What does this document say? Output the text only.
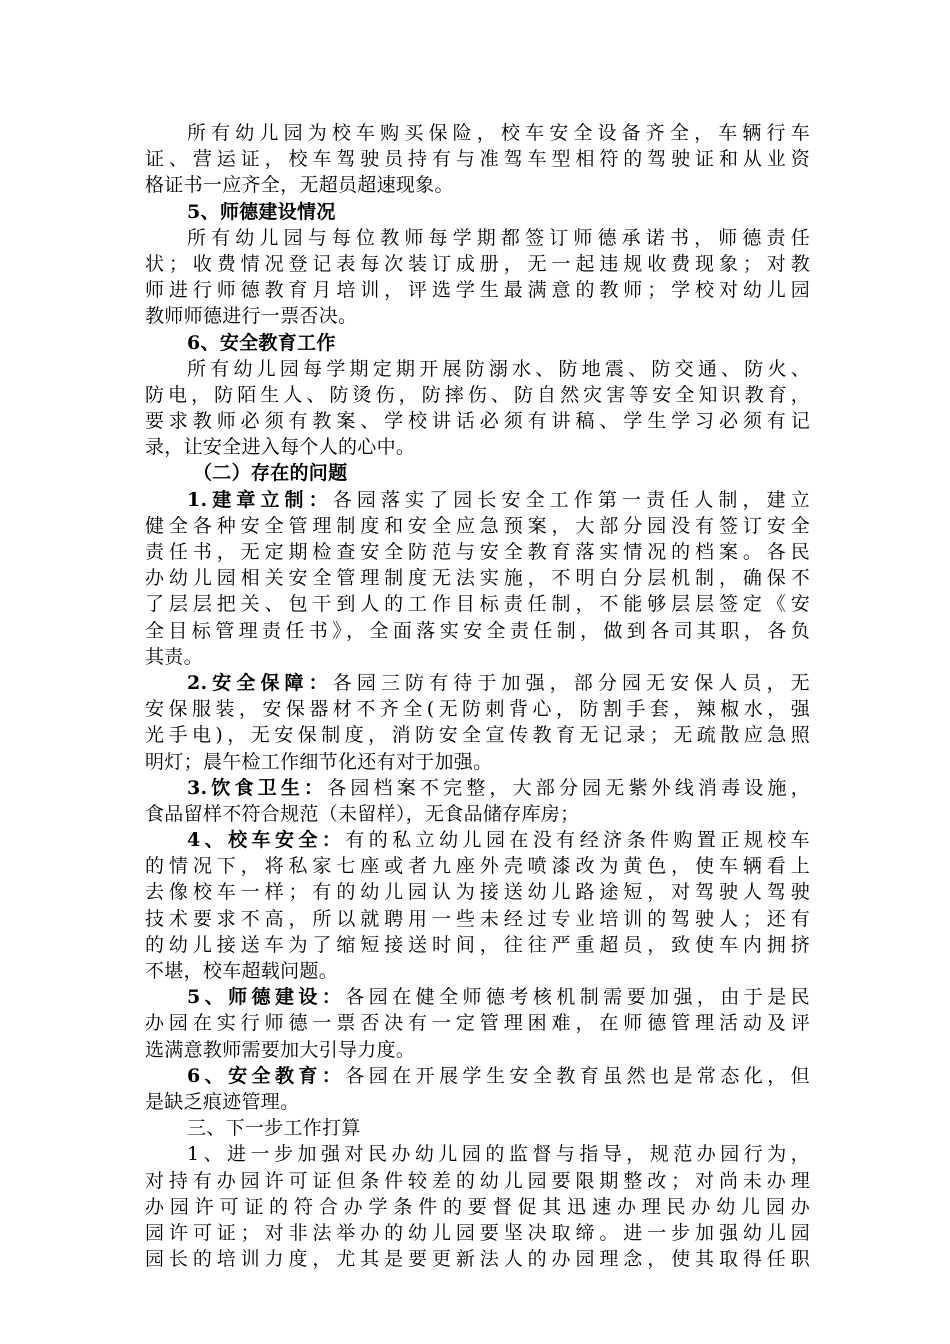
所有幼儿园为校车购买保险，校车安全设备齐全，车辆行车
证、营运证，校车驾驶员持有与准驾车型相符的驾驶证和从业资
格证书一应齐全，无超员超速现象。
5、师德建设情况
所有幼儿园与每位教师每学期都签订师德承诺书，师德责任
状；收费情况登记表每次装订成册，无一起违规收费现象；对教
师进行师德教育月培训，评选学生最满意的教师；学校对幼儿园
教师师德进行一票否决。
6、安全教育工作
所有幼儿园每学期定期开展防溺水、防地震、防交通、防火、
防电，防陌生人、防烫伤，防摔伤、防自然灾害等安全知识教育，
要求教师必须有教案、学校讲话必须有讲稿、学生学习必须有记
录，让安全进入每个人的心中。
（二）存在的问题
1.建章立制：各园落实了园长安全工作第一责任人制，建立
健全各种安全管理制度和安全应急预案，大部分园没有签订安全
责任书，无定期检查安全防范与安全教育落实情况的档案。各民
办幼儿园相关安全管理制度无法实施，不明白分层机制，确保不
了层层把关、包干到人的工作目标责任制，不能够层层签定《安
全目标管理责任书》，全面落实安全责任制，做到各司其职，各负
其责。
2.安全保障：各园三防有待于加强，部分园无安保人员，无
安保服装，安保器材不齐全(无防刺背心，防割手套，辣椒水，强
光手电)，无安保制度，消防安全宣传教育无记录；无疏散应急照
明灯；晨午检工作细节化还有对于加强。
3.饮食卫生：各园档案不完整，大部分园无紫外线消毒设施，
食品留样不符合规范（未留样），无食品储存库房；
4、校车安全：有的私立幼儿园在没有经济条件购置正规校车
的情况下，将私家七座或者九座外壳喷漆改为黄色，使车辆看上
去像校车一样；有的幼儿园认为接送幼儿路途短，对驾驶人驾驶
技术要求不高，所以就聘用一些未经过专业培训的驾驶人；还有
的幼儿接送车为了缩短接送时间，往往严重超员，致使车内拥挤
不堪，校车超载问题。
5、师德建设：各园在健全师德考核机制需要加强，由于是民
办园在实行师德一票否决有一定管理困难，在师德管理活动及评
选满意教师需要加大引导力度。
6、安全教育：各园在开展学生安全教育虽然也是常态化，但
是缺乏痕迹管理。
三、下一步工作打算
1、进一步加强对民办幼儿园的监督与指导，规范办园行为，
对持有办园许可证但条件较差的幼儿园要限期整改；对尚未办理
办园许可证的符合办学条件的要督促其迅速办理民办幼儿园办
园许可证；对非法举办的幼儿园要坚决取缔。进一步加强幼儿园
园长的培训力度，尤其是要更新法人的办园理念，使其取得任职
